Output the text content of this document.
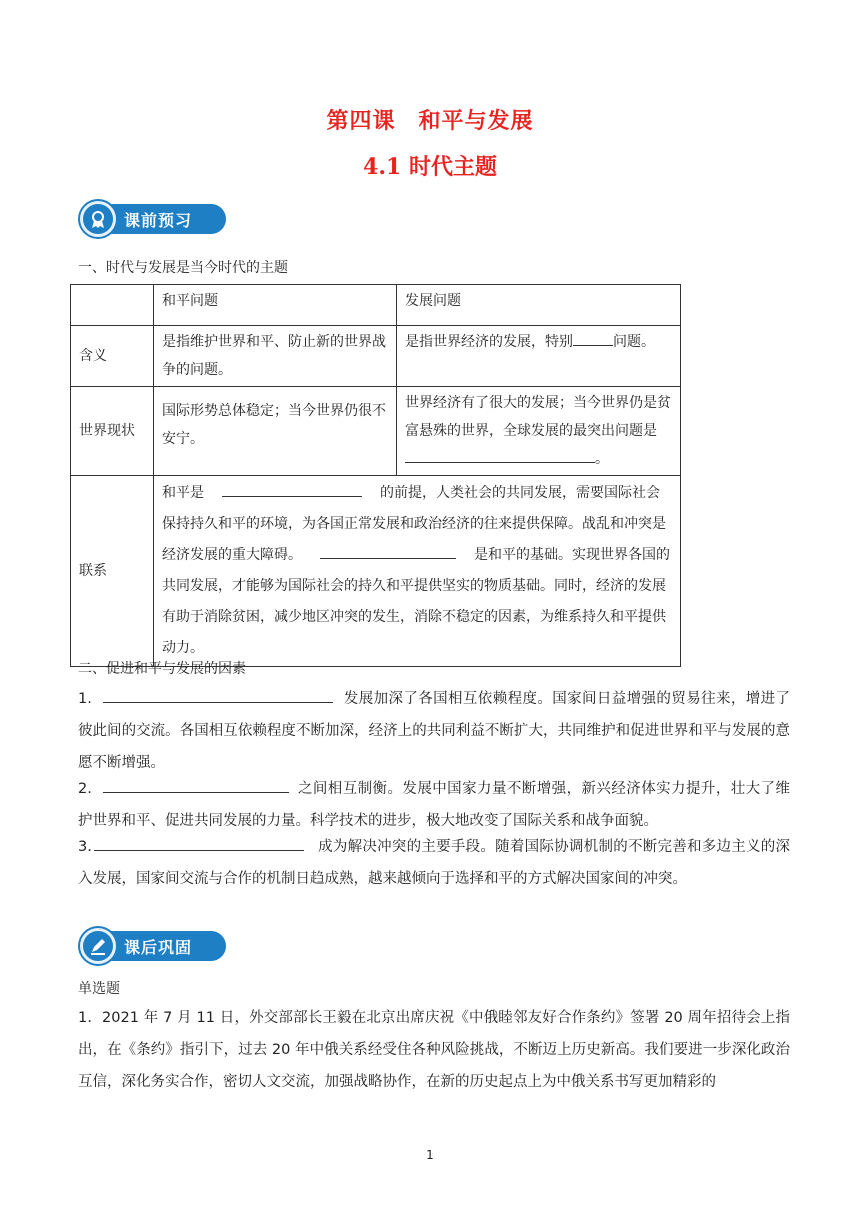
第四课　和平与发展
4.1 时代主题
课前预习
一、时代与发展是当今时代的主题
	和平问题	发展问题
含义	是指维护世界和平、防止新的世界战争的问题。	是指世界经济的发展，特别 问题。
世界现状	国际形势总体稳定；当今世界仍很不安宁。	世界经济有了很大的发展；当今世界仍是贫富悬殊的世界，全球发展的最突出问题是。
联系	和平是 的前提，人类社会的共同发展，需要国际社会保持持久和平的环境，为各国正常发展和政治经济的往来提供保障。战乱和冲突是经济发展的重大障碍。 是和平的基础。实现世界各国的共同发展，才能够为国际社会的持久和平提供坚实的物质基础。同时，经济的发展有助于消除贫困，减少地区冲突的发生，消除不稳定的因素，为维系持久和平提供动力。	
二、促进和平与发展的因素
1.	发展加深了各国相互依赖程度。国家间日益增强的贸易往来，增进了彼此间的交流。各国相互依赖程度不断加深，经济上的共同利益不断扩大，共同维护和促进世界和平与发展的意愿不断增强。
2.	之间相互制衡。发展中国家力量不断增强，新兴经济体实力提升，壮大了维护世界和平、促进共同发展的力量。科学技术的进步，极大地改变了国际关系和战争面貌。
3.	成为解决冲突的主要手段。随着国际协调机制的不断完善和多边主义的深入发展，国家间交流与合作的机制日趋成熟，越来越倾向于选择和平的方式解决国家间的冲突。
课后巩固
单选题
1．2021 年 7 月 11 日，外交部部长王毅在北京出席庆祝《中俄睦邻友好合作条约》签署 20 周年招待会上指出，在《条约》指引下，过去 20 年中俄关系经受住各种风险挑战，不断迈上历史新高。我们要进一步深化政治互信，深化务实合作，密切人文交流，加强战略协作，在新的历史起点上为中俄关系书写更加精彩的
1
